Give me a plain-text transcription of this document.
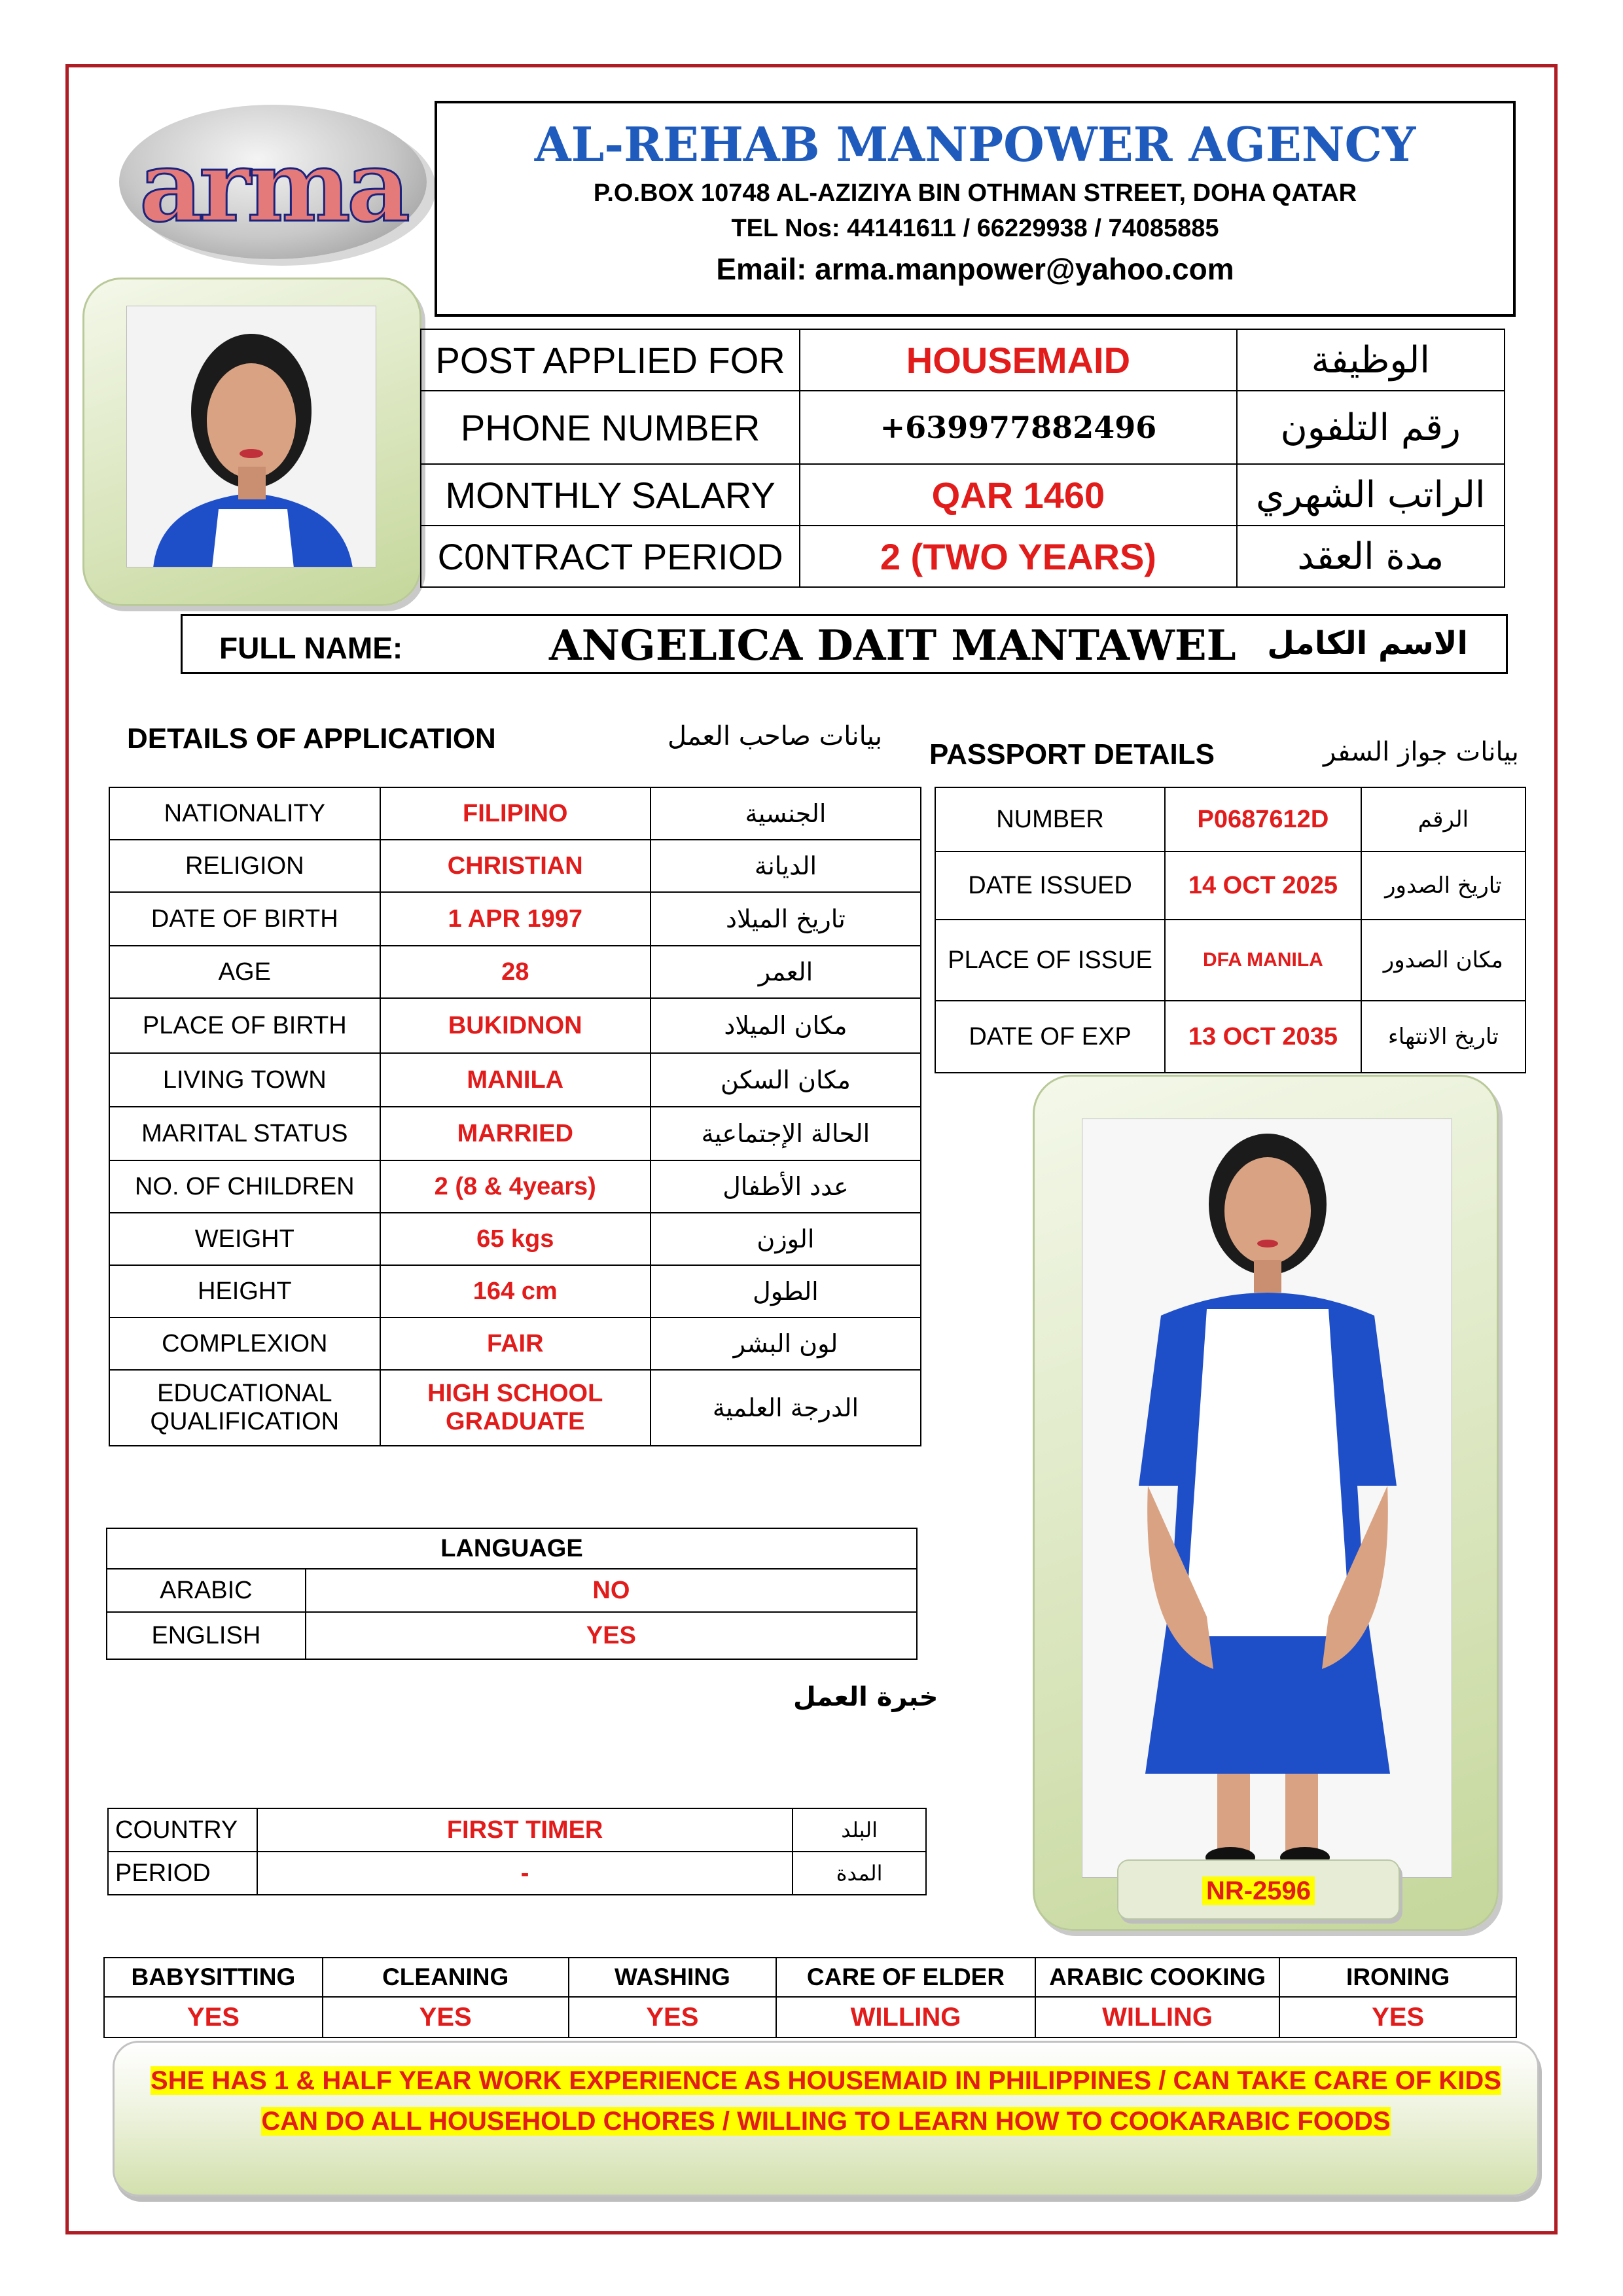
arma	AL-REHAB MANPOWER AGENCY
P.O.BOX 10748 AL-AZIZIYA BIN OTHMAN STREET, DOHA QATAR
TEL Nos: 44141611 / 66229938 / 74085885
Email: arma.manpower@yahoo.com
POST APPLIED FOR	HOUSEMAID	الوظيفة
PHONE NUMBER	+639977882496	رقم التلفون
MONTHLY SALARY	QAR 1460	الراتب الشهري
C0NTRACT PERIOD	2 (TWO YEARS)	مدة العقد
FULL NAME:	ANGELICA DAIT MANTAWEL الاسم الكامل
DETAILS OF APPLICATION	بيانات صاحب العمل
PASSPORT DETAILS	بيانات جواز السفر
NATIONALITY	FILIPINO	الجنسية
RELIGION	CHRISTIAN	الديانة
DATE OF BIRTH	1 APR 1997	تاريخ الميلاد
AGE	28	العمر
PLACE OF BIRTH	BUKIDNON	مكان الميلاد
LIVING TOWN	MANILA	مكان السكن
MARITAL STATUS	MARRIED	الحالة الإجتماعية
NO. OF CHILDREN	2 (8 & 4years)	عدد الأطفال
WEIGHT	65 kgs	الوزن
HEIGHT	164 cm	الطول
COMPLEXION	FAIR	لون البشر
EDUCATIONAL QUALIFICATION	HIGH SCHOOL GRADUATE	الدرجة العلمية
NUMBER	P0687612D	الرقم
DATE ISSUED	14 OCT 2025	تاريخ الصدور
PLACE OF ISSUE	DFA MANILA	مكان الصدور
DATE OF EXP	13 OCT 2035	تاريخ الانتهاء
NR-2596
LANGUAGE	
ARABIC	NO
ENGLISH	YES
خبرة العمل
COUNTRY	FIRST TIMER	البلد
PERIOD	-	المدة
BABYSITTING	CLEANING	WASHING	CARE OF ELDER	ARABIC COOKING	IRONING
YES	YES	YES	WILLING	WILLING	YES
SHE HAS 1 & HALF YEAR WORK EXPERIENCE AS HOUSEMAID IN PHILIPPINES / CAN TAKE CARE OF KIDS
CAN DO ALL HOUSEHOLD CHORES / WILLING TO LEARN HOW TO COOKARABIC FOODS
